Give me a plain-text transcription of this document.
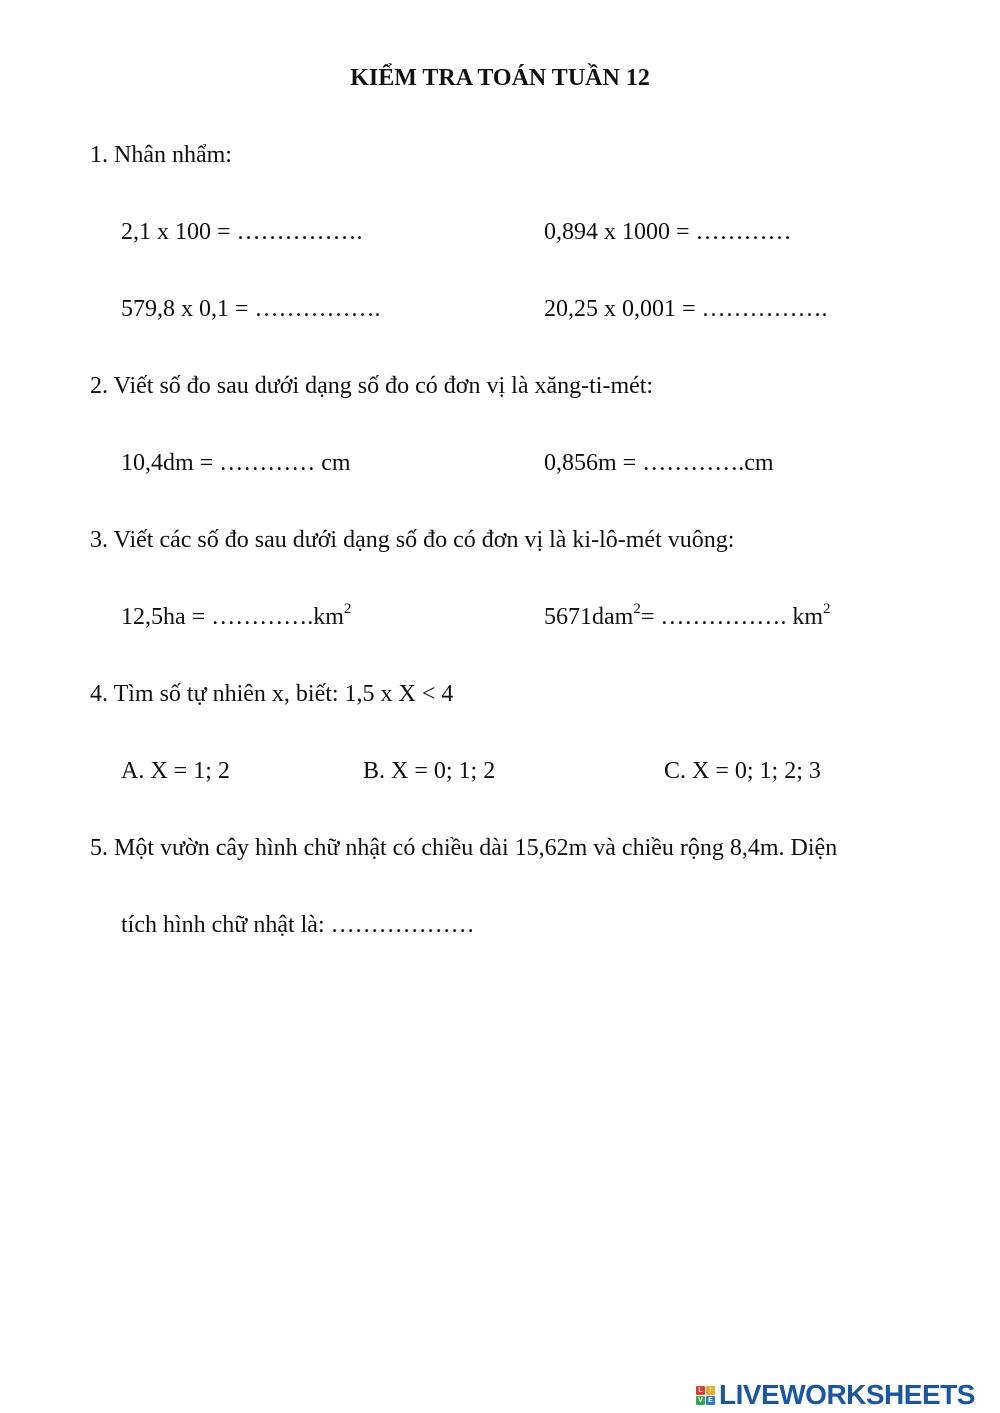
KIỂM TRA TOÁN TUẦN 12
1. Nhân nhẩm:
2,1 x 100 = …………….	0,894 x 1000 = …………
579,8 x 0,1 = …………….	20,25 x 0,001 = …………….
2. Viết số đo sau dưới dạng số đo có đơn vị là xăng-ti-mét:
10,4dm = ………… cm	0,856m = ………….cm
3. Viết các số đo sau dưới dạng số đo có đơn vị là ki-lô-mét vuông:
$12,5ha = \dots\dots\dots\dots.km^2$	5671dam$^2$= ……………. $km^2$
4. Tìm số tự nhiên x, biết: 1,5 x X < 4
A. X = 1; 2	B. X = 0; 1; 2	C. X = 0; 1; 2; 3
5. Một vườn cây hình chữ nhật có chiều dài 15,62m và chiều rộng 8,4m. Diện
tích hình chữ nhật là: ………………
L I
V E LIVEWORKSHEETS
